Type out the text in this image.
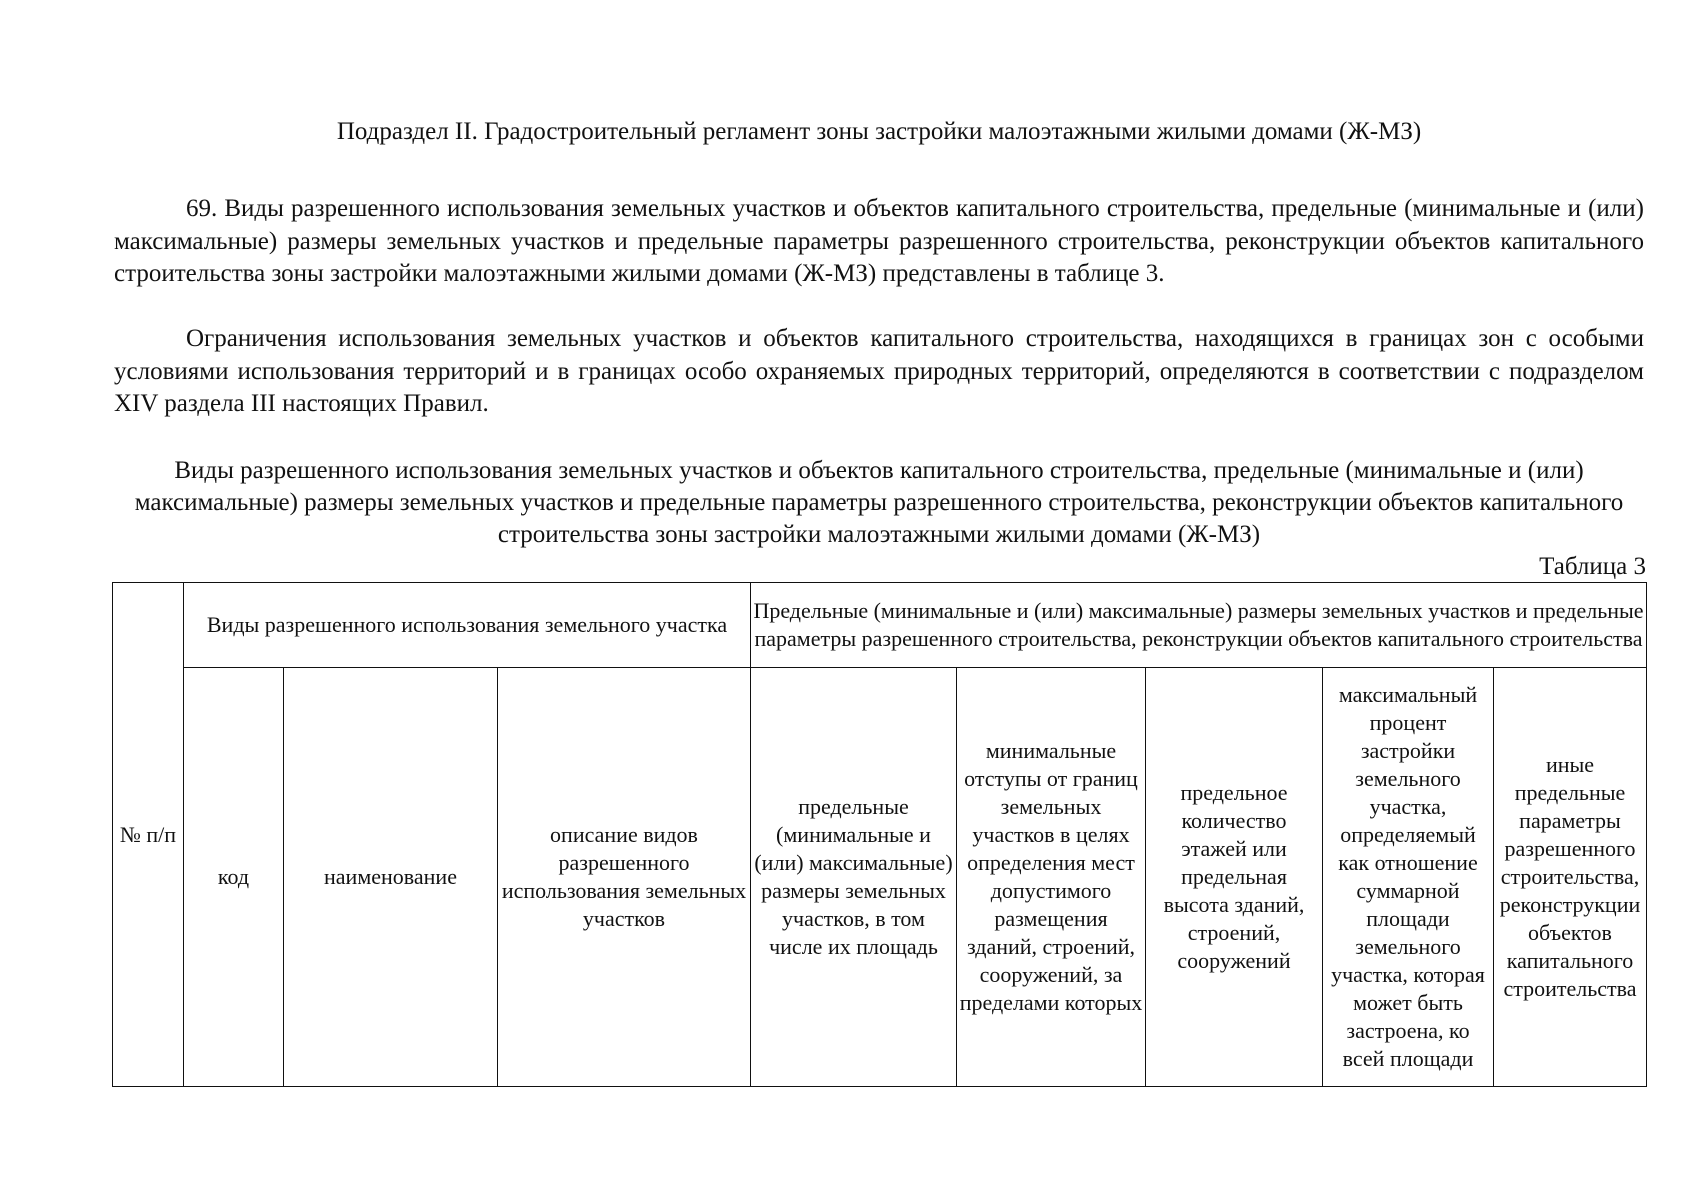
Подраздел II. Градостроительный регламент зоны застройки малоэтажными жилыми домами (Ж-МЗ)

69. Виды разрешенного использования земельных участков и объектов капитального строительства, предельные (минимальные и (или) максимальные) размеры земельных участков и предельные параметры разрешенного строительства, реконструкции объектов капитального строительства зоны застройки малоэтажными жилыми домами (Ж-МЗ) представлены в таблице 3.

Ограничения использования земельных участков и объектов капитального строительства, находящихся в границах зон с особыми условиями использования территорий и в границах особо охраняемых природных территорий, определяются в соответствии с подразделом XIV раздела III настоящих Правил.

Виды разрешенного использования земельных участков и объектов капитального строительства, предельные (минимальные и (или) максимальные) размеры земельных участков и предельные параметры разрешенного строительства, реконструкции объектов капитального строительства зоны застройки малоэтажными жилыми домами (Ж-МЗ)
Таблица 3
№ п/п	Виды разрешенного использования земельного участка			Предельные (минимальные и (или) максимальные) размеры земельных участков и предельные параметры разрешенного строительства, реконструкции объектов капитального строительства				

	код	наименование	описание видов разрешенного использования земельных участков	предельные (минимальные и (или) максимальные) размеры земельных участков, в том числе их площадь	минимальные отступы от границ земельных участков в целях определения мест допустимого размещения зданий, строений, сооружений, за пределами которых	предельное количество этажей или предельная высота зданий, строений, сооружений	максимальный процент застройки земельного участка, определяемый как отношение суммарной площади земельного участка, которая может быть застроена, ко всей площади	иные предельные параметры разрешенного строительства, реконструкции объектов капитального строительства
